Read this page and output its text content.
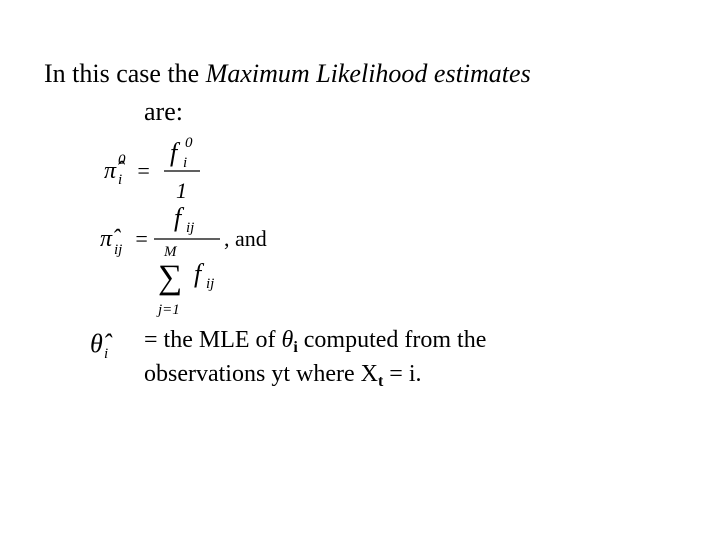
In this case the Maximum Likelihood estimates
are:
π̂ 0
i =
f 0
i
1
π̂ ij =
f ij
M
∑
j=1
f ij
, and
θ̂ i
= the MLE of $\theta_i$ computed from the
observations yt where $X_t = i$.
